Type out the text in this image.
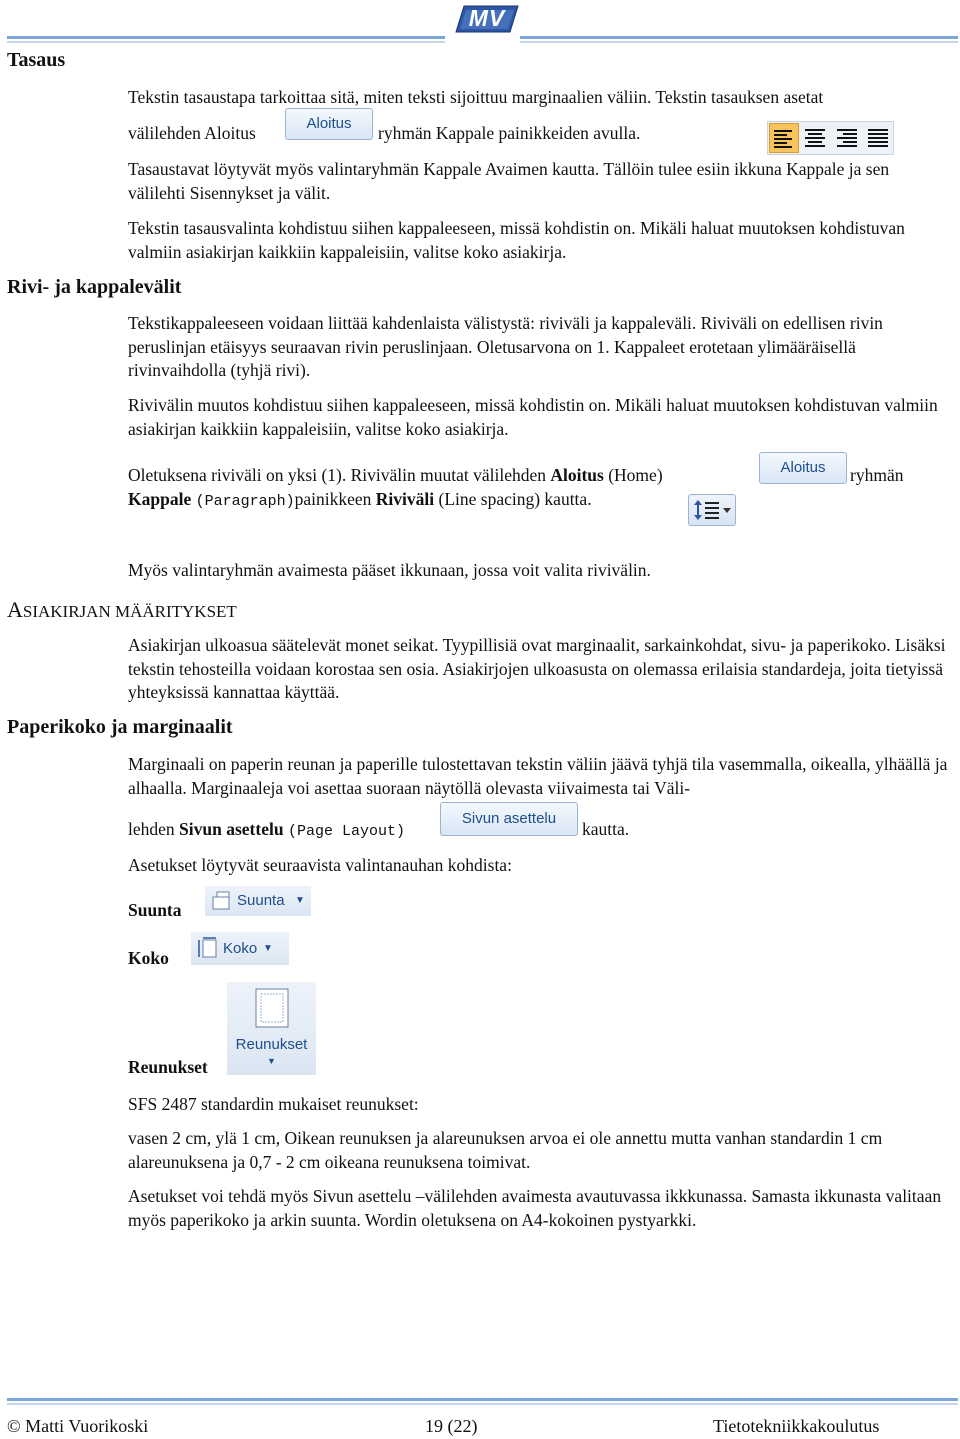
MV
Tasaus

Tekstin tasaustapa tarkoittaa sitä, miten teksti sijoittuu marginaalien väliin. Tekstin tasauksen asetat

välilehden Aloitus	Aloitus	ryhmän Kappale painikkeiden avulla.

Tasaustavat löytyvät myös valintaryhmän Kappale Avaimen kautta. Tällöin tulee esiin ikkuna Kappale ja sen välilehti Sisennykset ja välit.

Tekstin tasausvalinta kohdistuu siihen kappaleeseen, missä kohdistin on. Mikäli haluat muutoksen kohdistuvan valmiin asiakirjan kaikkiin kappaleisiin, valitse koko asiakirja.

Rivi- ja kappalevälit

Tekstikappaleeseen voidaan liittää kahdenlaista välistystä: riviväli ja kappaleväli. Riviväli on edellisen rivin peruslinjan etäisyys seuraavan rivin peruslinjaan. Oletusarvona on 1. Kappaleet erotetaan ylimääräisellä rivinvaihdolla (tyhjä rivi).

Rivivälin muutos kohdistuu siihen kappaleeseen, missä kohdistin on. Mikäli haluat muutoksen kohdistuvan valmiin asiakirjan kaikkiin kappaleisiin, valitse koko asiakirja.

Oletuksena riviväli on yksi (1). Rivivälin muutat välilehden Aloitus (Home)	Aloitus	ryhmän
Kappale (Paragraph)painikkeen Riviväli (Line spacing) kautta.

Myös valintaryhmän avaimesta pääset ikkunaan, jossa voit valita rivivälin.

ASIAKIRJAN MÄÄRITYKSET

Asiakirjan ulkoasua säätelevät monet seikat. Tyypillisiä ovat marginaalit, sarkainkohdat, sivu- ja paperikoko. Lisäksi tekstin tehosteilla voidaan korostaa sen osia. Asiakirjojen ulkoasusta on olemassa erilaisia standardeja, joita tietyissä yhteyksissä kannattaa käyttää.

Paperikoko ja marginaalit

Marginaali on paperin reunan ja paperille tulostettavan tekstin väliin jäävä tyhjä tila vasemmalla, oikealla, ylhäällä ja alhaalla. Marginaaleja voi asettaa suoraan näytöllä olevasta viivaimesta tai Väli-

lehden Sivun asettelu (Page Layout)
Sivun asettelu
kautta.

Asetukset löytyvät seuraavista valintanauhan kohdista:

Suunta	Suunta ▼
Koko	Koko ▼
Reunukset
Reunukset
▼

SFS 2487 standardin mukaiset reunukset:

vasen 2 cm, ylä 1 cm, Oikean reunuksen ja alareunuksen arvoa ei ole annettu mutta vanhan standardin 1 cm alareunuksena ja 0,7 - 2 cm oikeana reunuksena toimivat.

Asetukset voi tehdä myös Sivun asettelu –välilehden avaimesta avautuvassa ikkkunassa. Samasta ikkunasta valitaan myös paperikoko ja arkin suunta. Wordin oletuksena on A4-kokoinen pystyarkki.

© Matti Vuorikoski	19 (22)	Tietotekniikkakoulutus
